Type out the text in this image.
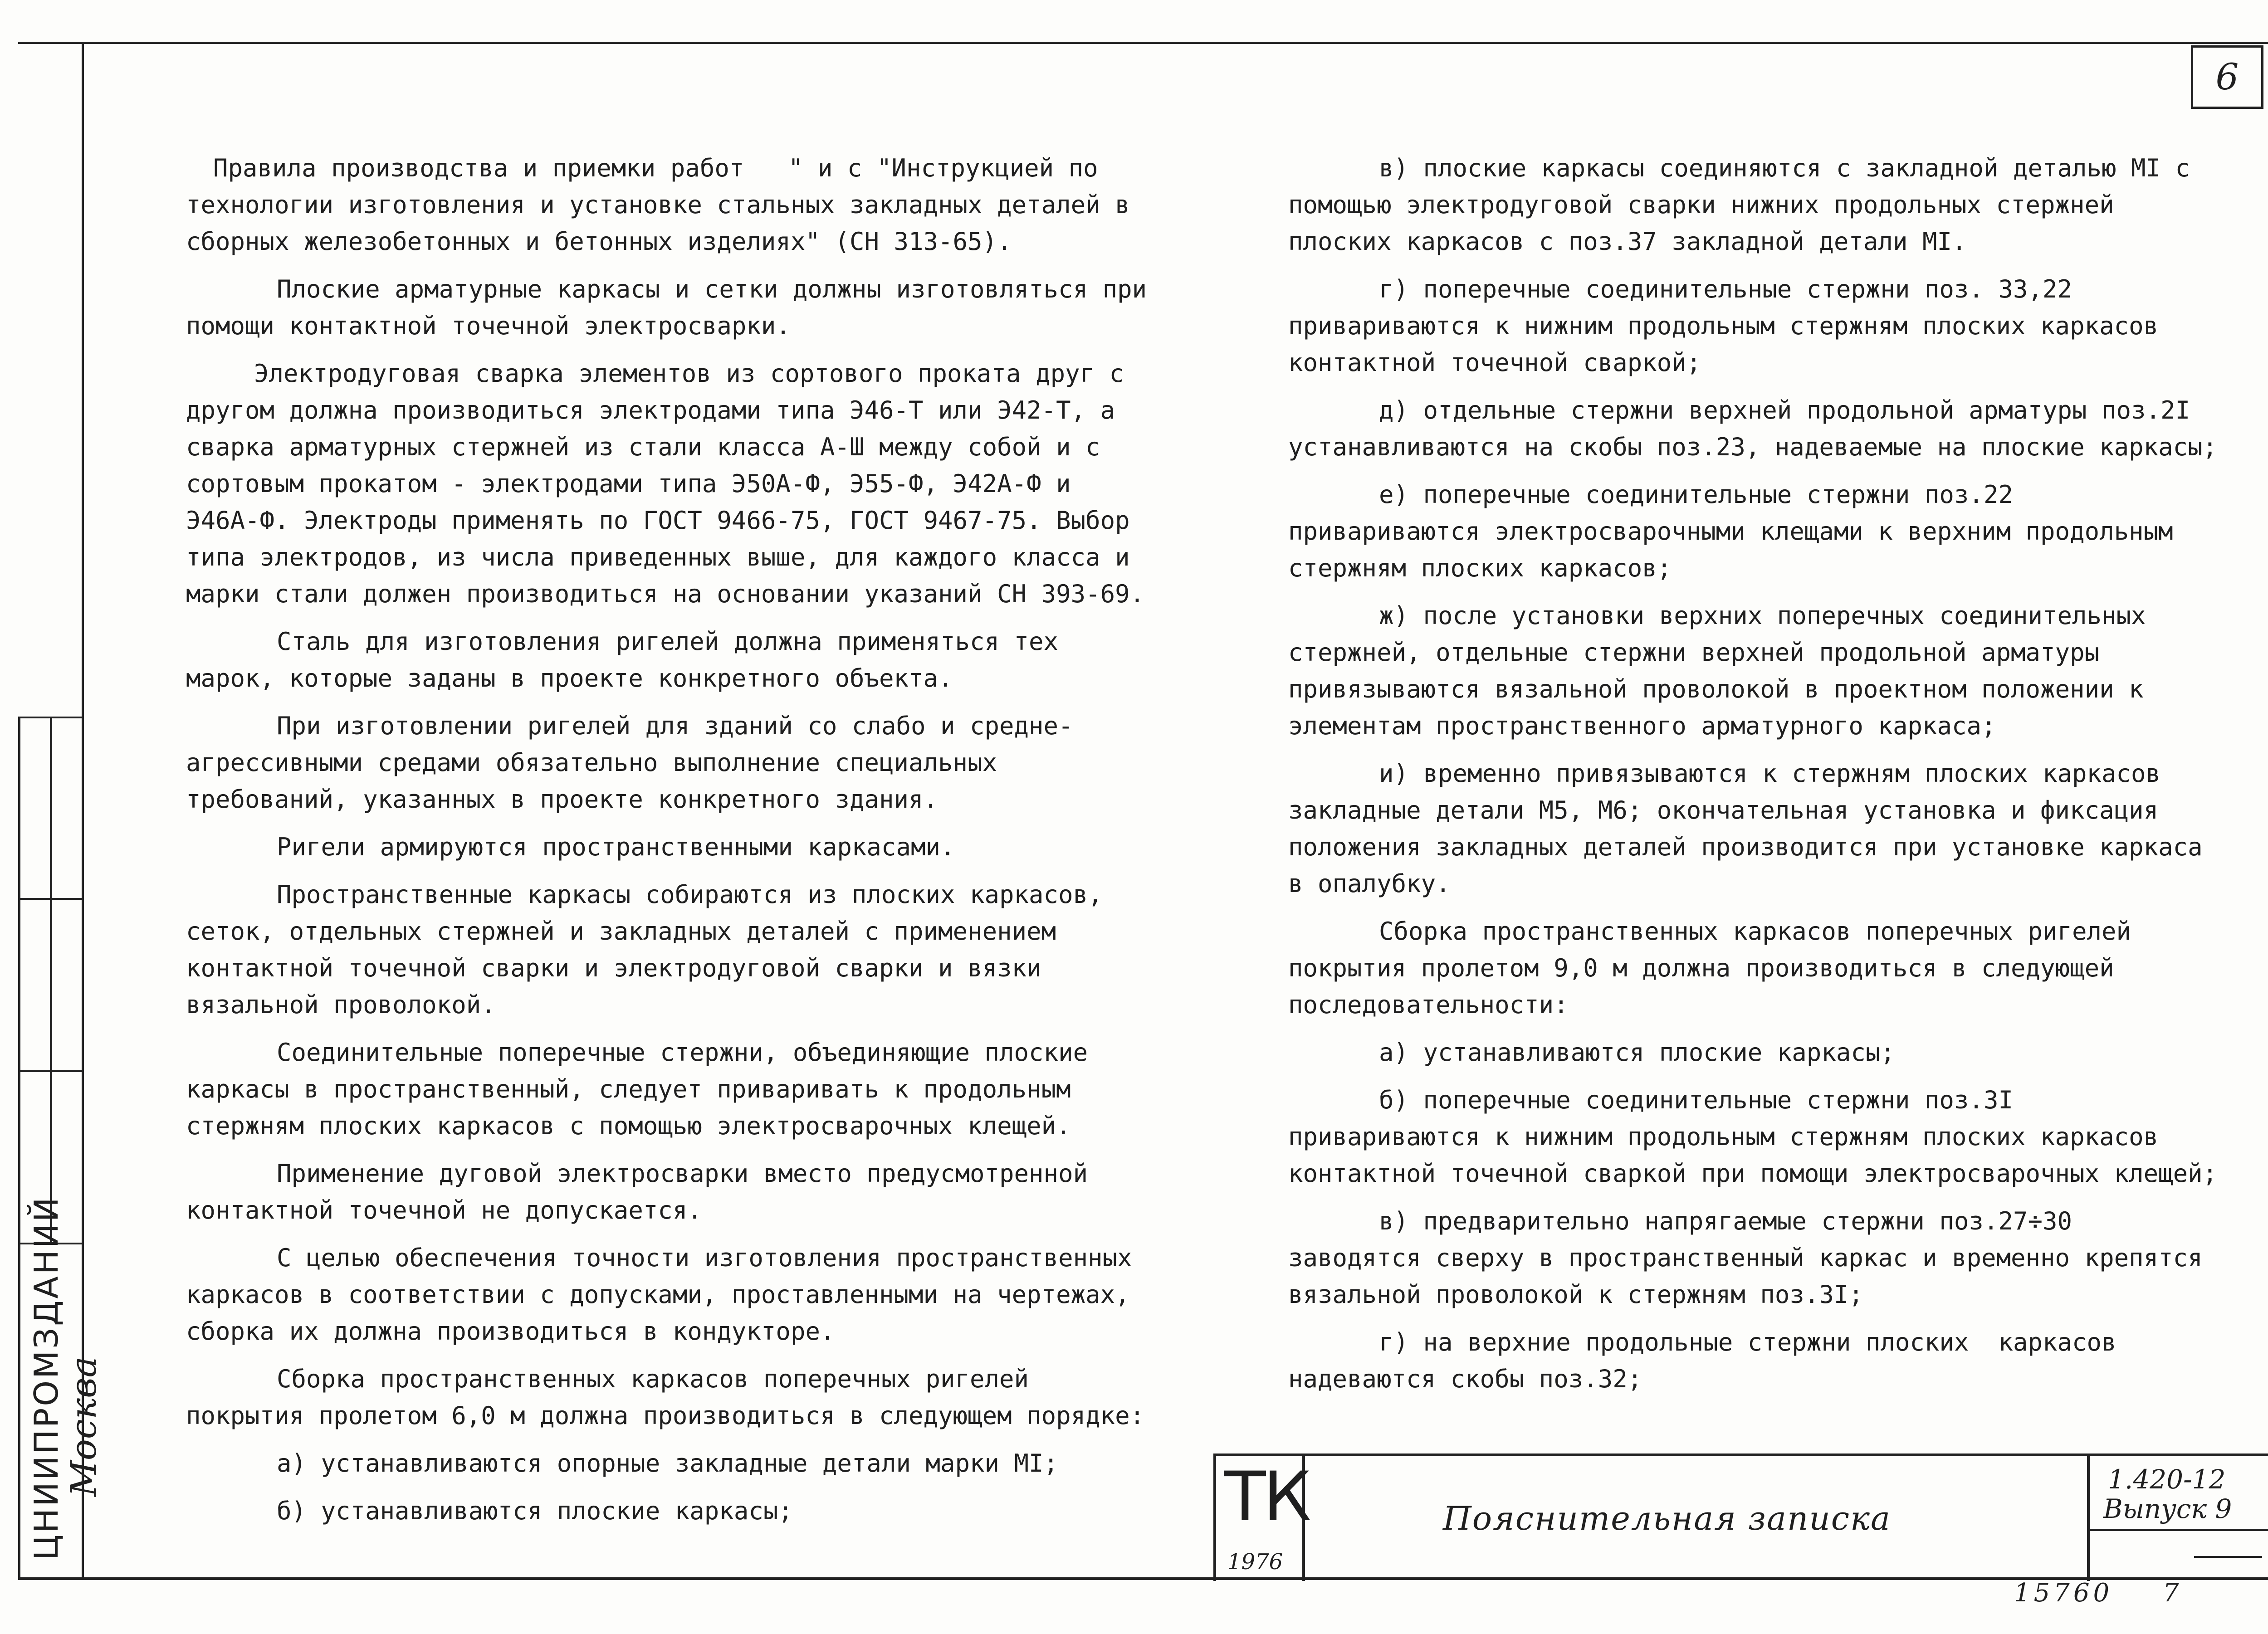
ЦНИИПРОМЗДАНИЙ
Москва
6

Правила производства и приемки работ   " и с "Инструкцией по технологии изготовления и установке стальных закладных деталей в сборных железобетонных и бетонных изделиях" (СН 313-65).

Плоские арматурные каркасы и сетки должны изготовляться при помощи контактной точечной электросварки.

Электродуговая сварка элементов из сортового проката друг с другом должна производиться электродами типа Э46-Т или Э42-Т, а сварка арматурных стержней из стали класса А-Ш между собой и с сортовым прокатом - электродами типа Э50А-Ф, Э55-Ф, Э42А-Ф и Э46А-Ф. Электроды применять по ГОСТ 9466-75, ГОСТ 9467-75. Выбор типа электродов, из числа приведенных выше, для каждого класса и марки стали должен производиться на основании указаний СН 393-69.

Сталь для изготовления ригелей должна применяться тех марок, которые заданы в проекте конкретного объекта.

При изготовлении ригелей для зданий со слабо и средне-агрессивными средами обязательно выполнение специальных требований, указанных в проекте конкретного здания.

Ригели армируются пространственными каркасами.

Пространственные каркасы собираются из плоских каркасов, сеток, отдельных стержней и закладных деталей с применением контактной точечной сварки и электродуговой сварки и вязки вязальной проволокой.

Соединительные поперечные стержни, объединяющие плоские каркасы в пространственный, следует приваривать к продольным стержням плоских каркасов с помощью электросварочных клещей.

Применение дуговой электросварки вместо предусмотренной контактной точечной не допускается.

С целью обеспечения точности изготовления пространственных каркасов в соответствии с допусками, проставленными на чертежах, сборка их должна производиться в кондукторе.

Сборка пространственных каркасов поперечных ригелей покрытия пролетом 6,0 м должна производиться в следующем порядке:

а) устанавливаются опорные закладные детали марки МI;

б) устанавливаются плоские каркасы;

в) плоские каркасы соединяются с закладной деталью МI с помощью электродуговой сварки нижних продольных стержней плоских каркасов с поз.37 закладной детали МI.

г) поперечные соединительные стержни поз. 33,22  привариваются к нижним продольным стержням плоских каркасов контактной точечной сваркой;

д) отдельные стержни верхней продольной арматуры поз.2I устанавливаются на скобы поз.23, надеваемые на плоские каркасы;

е) поперечные соединительные стержни поз.22 привариваются электросварочными клещами к верхним продольным стержням плоских каркасов;

ж) после установки верхних поперечных соединительных стержней, отдельные стержни верхней продольной арматуры привязываются вязальной проволокой в проектном положении к элементам пространственного арматурного каркаса;

и) временно привязываются к стержням плоских каркасов закладные детали М5, М6; окончательная установка и фиксация положения закладных деталей производится при установке каркаса в опалубку.

Сборка пространственных каркасов поперечных ригелей покрытия пролетом 9,0 м должна производиться в следующей последовательности:

а) устанавливаются плоские каркасы;

б) поперечные соединительные стержни поз.3I привариваются к нижним продольным стержням плоских каркасов контактной точечной сваркой при помощи электросварочных клещей;

в) предварительно напрягаемые стержни поз.27÷30 заводятся сверху в пространственный каркас и временно крепятся вязальной проволокой к стержням поз.3I;

г) на верхние продольные стержни плоских  каркасов надеваются скобы поз.32;

ТК
1976
Пояснительная записка
1.420-12
Выпуск 9
15760 7
